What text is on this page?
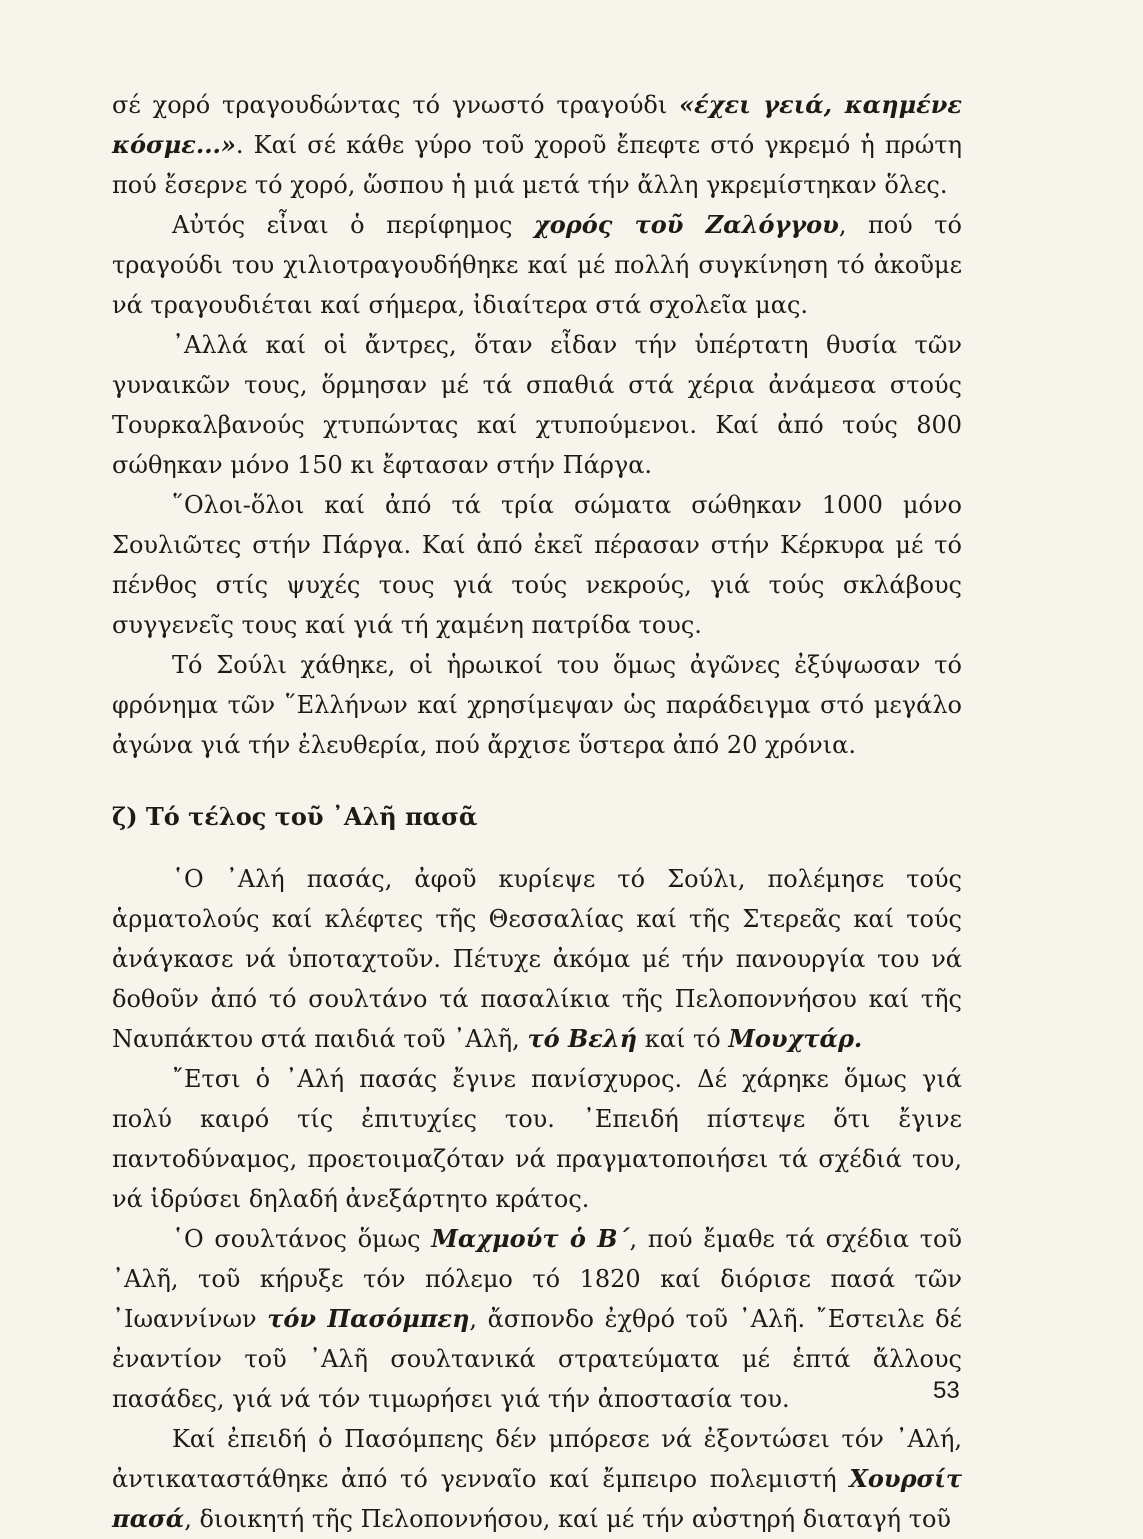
σέ χορό τραγουδώντας τό γνωστό τραγούδι «έχει γειά, καημένε κόσμε...». Καί σέ κάθε γύρο τοῦ χοροῦ ἔπεφτε στό γκρεμό ἡ πρώτη πού ἔσερνε τό χορό, ὥσπου ἡ μιά μετά τήν ἄλλη γκρεμίστηκαν ὅλες.

Αὐτός εἶναι ὁ περίφημος χορός τοῦ Ζαλόγγου, πού τό τραγούδι του χιλιοτραγουδήθηκε καί μέ πολλή συγκίνηση τό ἀκοῦμε νά τραγουδιέται καί σήμερα, ἰδιαίτερα στά σχολεῖα μας.

᾿Αλλά καί οἱ ἄντρες, ὅταν εἶδαν τήν ὑπέρτατη θυσία τῶν γυναικῶν τους, ὅρμησαν μέ τά σπαθιά στά χέρια ἀνάμεσα στούς Τουρκαλβανούς χτυπώντας καί χτυπούμενοι. Καί ἀπό τούς 800 σώθηκαν μόνο 150 κι ἔφτασαν στήν Πάργα.

῞Ολοι-ὅλοι καί ἀπό τά τρία σώματα σώθηκαν 1000 μόνο Σουλιῶτες στήν Πάργα. Καί ἀπό ἐκεῖ πέρασαν στήν Κέρκυρα μέ τό πένθος στίς ψυχές τους γιά τούς νεκρούς, γιά τούς σκλάβους συγγενεῖς τους καί γιά τή χαμένη πατρίδα τους.

Τό Σούλι χάθηκε, οἱ ἡρωικοί του ὅμως ἀγῶνες ἐξύψωσαν τό φρόνημα τῶν ῞Ελλήνων καί χρησίμεψαν ὡς παράδειγμα στό μεγάλο ἀγώνα γιά τήν ἐλευθερία, πού ἄρχισε ὕστερα ἀπό 20 χρόνια.

ζ) Τό τέλος τοῦ ᾿Αλῆ πασᾶ

῾Ο ᾿Αλή πασάς, ἀφοῦ κυρίεψε τό Σούλι, πολέμησε τούς ἁρματολούς καί κλέφτες τῆς Θεσσαλίας καί τῆς Στερεᾶς καί τούς ἀνάγκασε νά ὑποταχτοῦν. Πέτυχε ἀκόμα μέ τήν πανουργία του νά δοθοῦν ἀπό τό σουλτάνο τά πασαλίκια τῆς Πελοποννήσου καί τῆς Ναυπάκτου στά παιδιά τοῦ ᾿Αλῆ, τό Βελή καί τό Μουχτάρ.

῎Ετσι ὁ ᾿Αλή πασάς ἔγινε πανίσχυρος. Δέ χάρηκε ὅμως γιά πολύ καιρό τίς ἐπιτυχίες του. ᾿Επειδή πίστεψε ὅτι ἔγινε παντοδύναμος, προετοιμαζόταν νά πραγματοποιήσει τά σχέδιά του, νά ἱδρύσει δηλαδή ἀνεξάρτητο κράτος.

῾Ο σουλτάνος ὅμως Μαχμούτ ὁ Β΄, πού ἔμαθε τά σχέδια τοῦ ᾿Αλῆ, τοῦ κήρυξε τόν πόλεμο τό 1820 καί διόρισε πασά τῶν ᾿Ιωαννίνων τόν Πασόμπεη, ἄσπονδο ἐχθρό τοῦ ᾿Αλῆ. ῎Εστειλε δέ ἐναντίον τοῦ ᾿Αλῆ σουλτανικά στρατεύματα μέ ἑπτά ἄλλους πασάδες, γιά νά τόν τιμωρήσει γιά τήν ἀποστασία του.

Καί ἐπειδή ὁ Πασόμπεης δέν μπόρεσε νά ἐξοντώσει τόν ᾿Αλή, ἀντικαταστάθηκε ἀπό τό γενναῖο καί ἔμπειρο πολεμιστή Χουρσίτ πασά, διοικητή τῆς Πελοποννήσου, καί μέ τήν αὐστηρή διαταγή τοῦ

53
